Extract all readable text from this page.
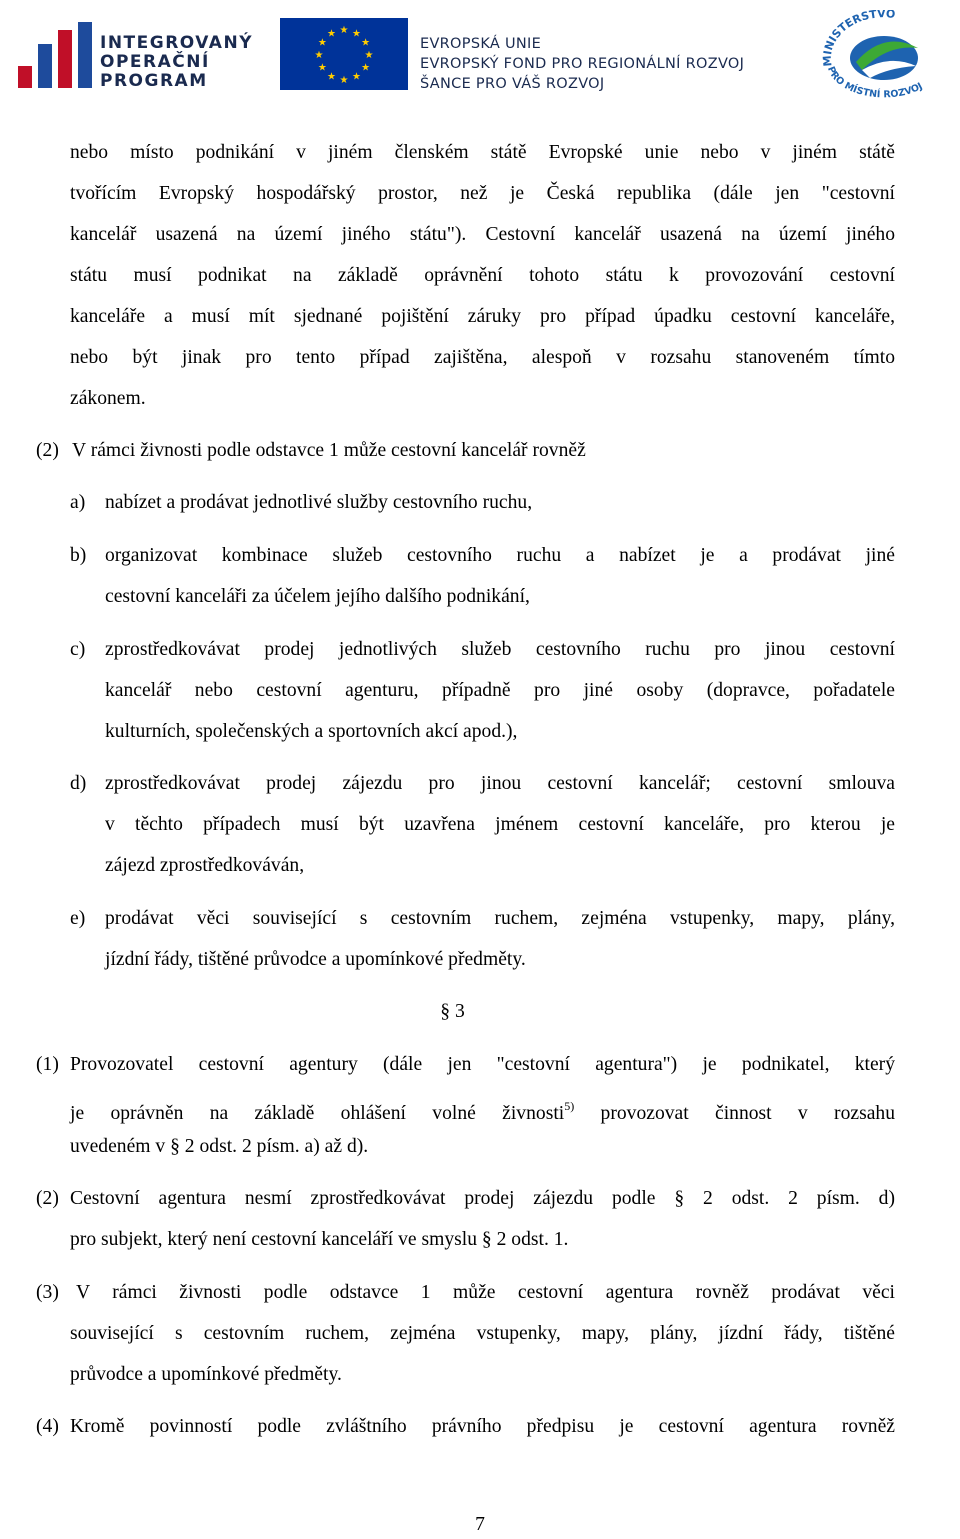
INTEGROVANÝ
OPERAČNÍ
PROGRAM
★ ★
★
★
★
★
★
★
★
★
★
★
EVROPSKÁ UNIE
EVROPSKÝ FOND PRO REGIONÁLNÍ ROZVOJ
ŠANCE PRO VÁŠ ROZVOJ
MINISTERSTVO
PRO MÍSTNÍ ROZVOJ
nebo místo podnikání v jiném členském státě Evropské unie nebo v jiném státě
tvořícím Evropský hospodářský prostor, než je Česká republika (dále jen "cestovní
kancelář usazená na území jiného státu"). Cestovní kancelář usazená na území jiného
státu musí podnikat na základě oprávnění tohoto státu k provozování cestovní
kanceláře a musí mít sjednané pojištění záruky pro případ úpadku cestovní kanceláře,
nebo být jinak pro tento případ zajištěna, alespoň v rozsahu stanoveném tímto
zákonem.
(2) V rámci živnosti podle odstavce 1 může cestovní kancelář rovněž
a) nabízet a prodávat jednotlivé služby cestovního ruchu,
b) organizovat kombinace služeb cestovního ruchu a nabízet je a prodávat jiné
cestovní kanceláři za účelem jejího dalšího podnikání,
c) zprostředkovávat prodej jednotlivých služeb cestovního ruchu pro jinou cestovní
kancelář nebo cestovní agenturu, případně pro jiné osoby (dopravce, pořadatele
kulturních, společenských a sportovních akcí apod.),
d) zprostředkovávat prodej zájezdu pro jinou cestovní kancelář; cestovní smlouva
v těchto případech musí být uzavřena jménem cestovní kanceláře, pro kterou je
zájezd zprostředkováván,
e) prodávat věci související s cestovním ruchem, zejména vstupenky, mapy, plány,
jízdní řády, tištěné průvodce a upomínkové předměty.
§ 3
(1) Provozovatel cestovní agentury (dále jen "cestovní agentura") je podnikatel, který
je oprávněn na základě ohlášení volné živnosti$^{5)}$ provozovat činnost v rozsahu
uvedeném v § 2 odst. 2 písm. a) až d).
(2) Cestovní agentura nesmí zprostředkovávat prodej zájezdu podle § 2 odst. 2 písm. d)
pro subjekt, který není cestovní kanceláří ve smyslu § 2 odst. 1.
(3) V rámci živnosti podle odstavce 1 může cestovní agentura rovněž prodávat věci
související s cestovním ruchem, zejména vstupenky, mapy, plány, jízdní řády, tištěné
průvodce a upomínkové předměty.
(4) Kromě povinností podle zvláštního právního předpisu je cestovní agentura rovněž
7
